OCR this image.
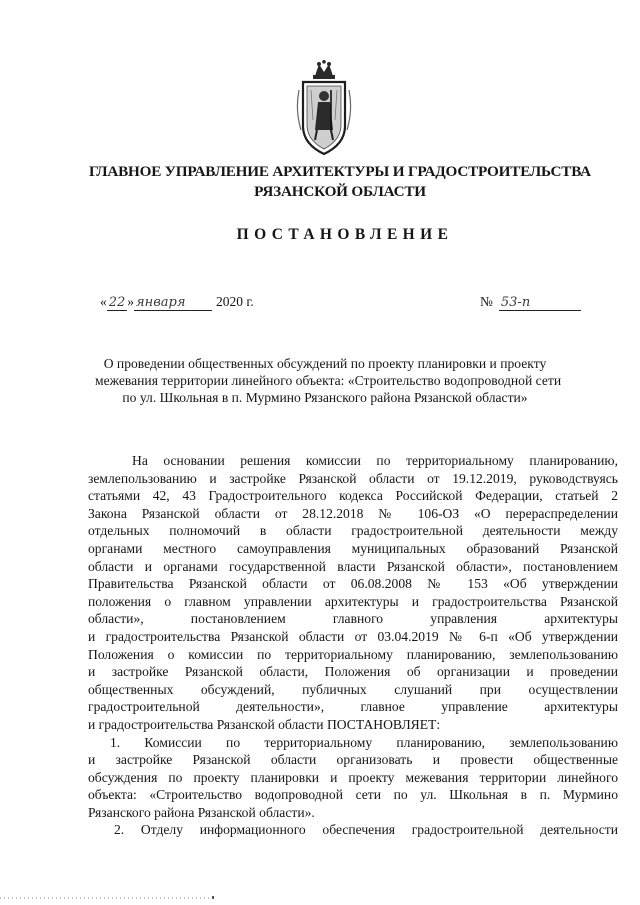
ГЛАВНОЕ УПРАВЛЕНИЕ АРХИТЕКТУРЫ И ГРАДОСТРОИТЕЛЬСТВА
РЯЗАНСКОЙ ОБЛАСТИ
ПОСТАНОВЛЕНИЕ
« 22 » января 2020 г.	№ 53-п
О проведении общественных обсуждений по проекту планировки и проекту
межевания территории линейного объекта: «Строительство водопроводной сети
по ул. Школьная в п. Мурмино Рязанского района Рязанской области»
На основании решения комиссии по территориальному планированию,
землепользованию и застройке Рязанской области от 19.12.2019, руководствуясь
статьями 42, 43 Градостроительного кодекса Российской Федерации, статьей 2
Закона Рязанской области от 28.12.2018 № 106-ОЗ «О перераспределении
отдельных полномочий в области градостроительной деятельности между
органами местного самоуправления муниципальных образований Рязанской
области и органами государственной власти Рязанской области», постановлением
Правительства Рязанской области от 06.08.2008 № 153 «Об утверждении
положения о главном управлении архитектуры и градостроительства Рязанской
области», постановлением главного управления архитектуры
и градостроительства Рязанской области от 03.04.2019 № 6-п «Об утверждении
Положения о комиссии по территориальному планированию, землепользованию
и застройке Рязанской области, Положения об организации и проведении
общественных обсуждений, публичных слушаний при осуществлении
градостроительной деятельности», главное управление архитектуры
и градостроительства Рязанской области ПОСТАНОВЛЯЕТ:
1. Комиссии по территориальному планированию, землепользованию
и застройке Рязанской области организовать и провести общественные
обсуждения по проекту планировки и проекту межевания территории линейного
объекта: «Строительство водопроводной сети по ул. Школьная в п. Мурмино
Рязанского района Рязанской области».
2. Отделу информационного обеспечения градостроительной деятельности
